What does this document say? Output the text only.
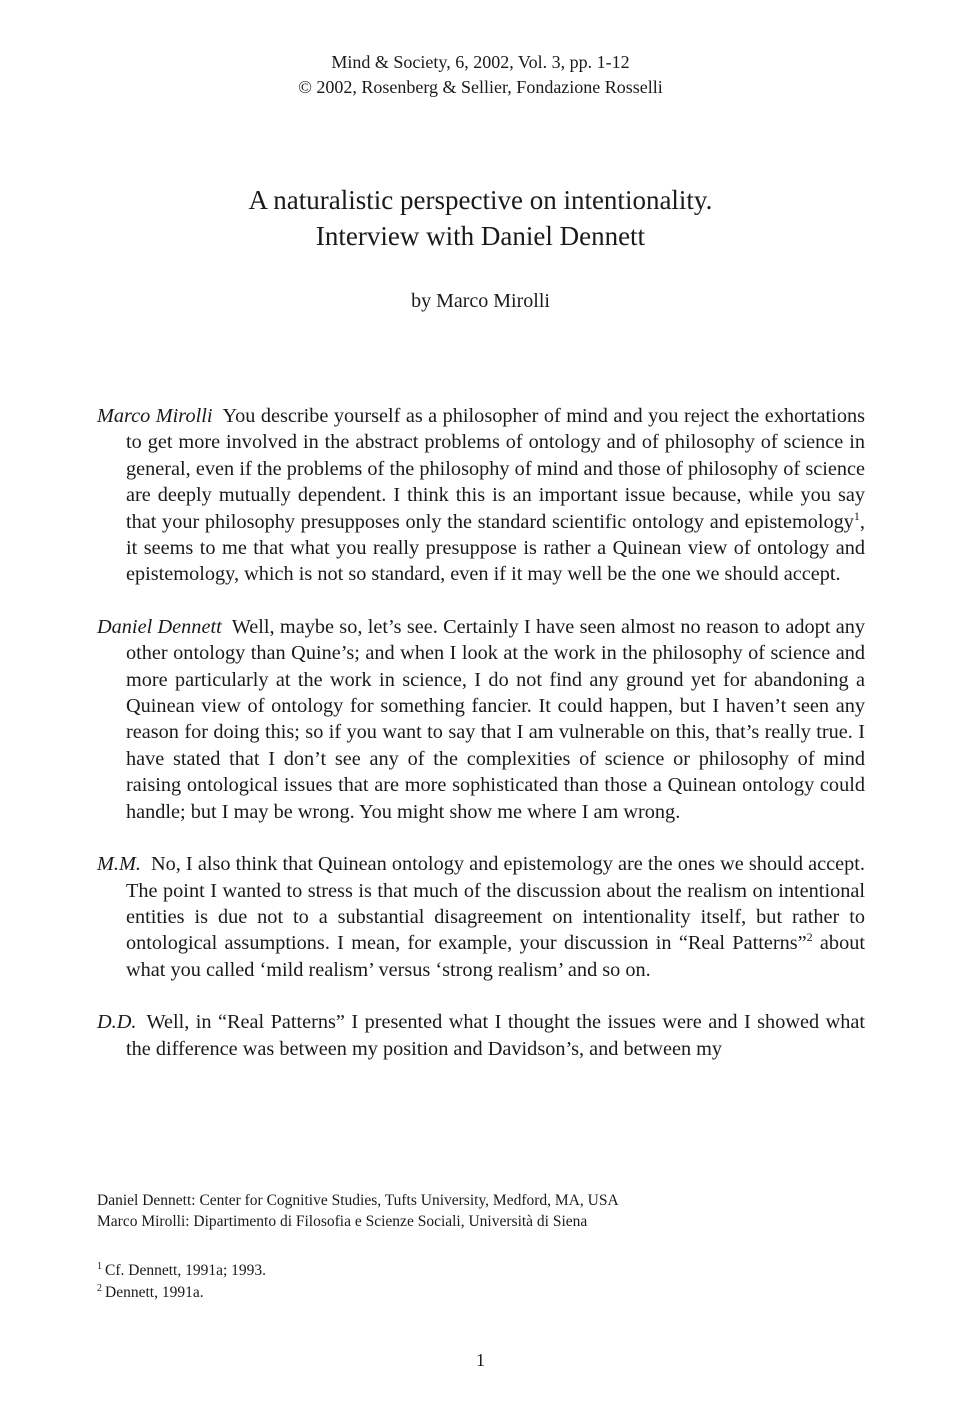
Mind & Society, 6, 2002, Vol. 3, pp. 1-12
© 2002, Rosenberg & Sellier, Fondazione Rosselli
A naturalistic perspective on intentionality.
Interview with Daniel Dennett
by Marco Mirolli

Marco Mirolli You describe yourself as a philosopher of mind and you reject the exhortations to get more involved in the abstract problems of ontology and of philosophy of science in general, even if the problems of the philosophy of mind and those of philosophy of science are deeply mutually dependent. I think this is an important issue because, while you say that your philosophy presupposes only the standard scientific ontology and epistemology$^1$, it seems to me that what you really presuppose is rather a Quinean view of ontology and epistemology, which is not so standard, even if it may well be the one we should accept.

Daniel Dennett Well, maybe so, let’s see. Certainly I have seen almost no reason to adopt any other ontology than Quine’s; and when I look at the work in the philosophy of science and more particularly at the work in science, I do not find any ground yet for abandoning a Quinean view of ontology for something fancier. It could happen, but I haven’t seen any reason for doing this; so if you want to say that I am vulnerable on this, that’s really true. I have stated that I don’t see any of the complexities of science or philosophy of mind raising ontological issues that are more sophisticated than those a Quinean ontology could handle; but I may be wrong. You might show me where I am wrong.

M.M. No, I also think that Quinean ontology and epistemology are the ones we should accept. The point I wanted to stress is that much of the discussion about the realism on intentional entities is due not to a substantial disagreement on intentionality itself, but rather to ontological assumptions. I mean, for example, your discussion in “Real Patterns”$^2$ about what you called ‘mild realism’ versus ‘strong realism’ and so on.

D.D. Well, in “Real Patterns” I presented what I thought the issues were and I showed what the difference was between my position and Davidson’s, and between my

Daniel Dennett: Center for Cognitive Studies, Tufts University, Medford, MA, USA
Marco Mirolli: Dipartimento di Filosofia e Scienze Sociali, Università di Siena
$^1$ Cf. Dennett, 1991a; 1993.
$^2$ Dennett, 1991a.
1
